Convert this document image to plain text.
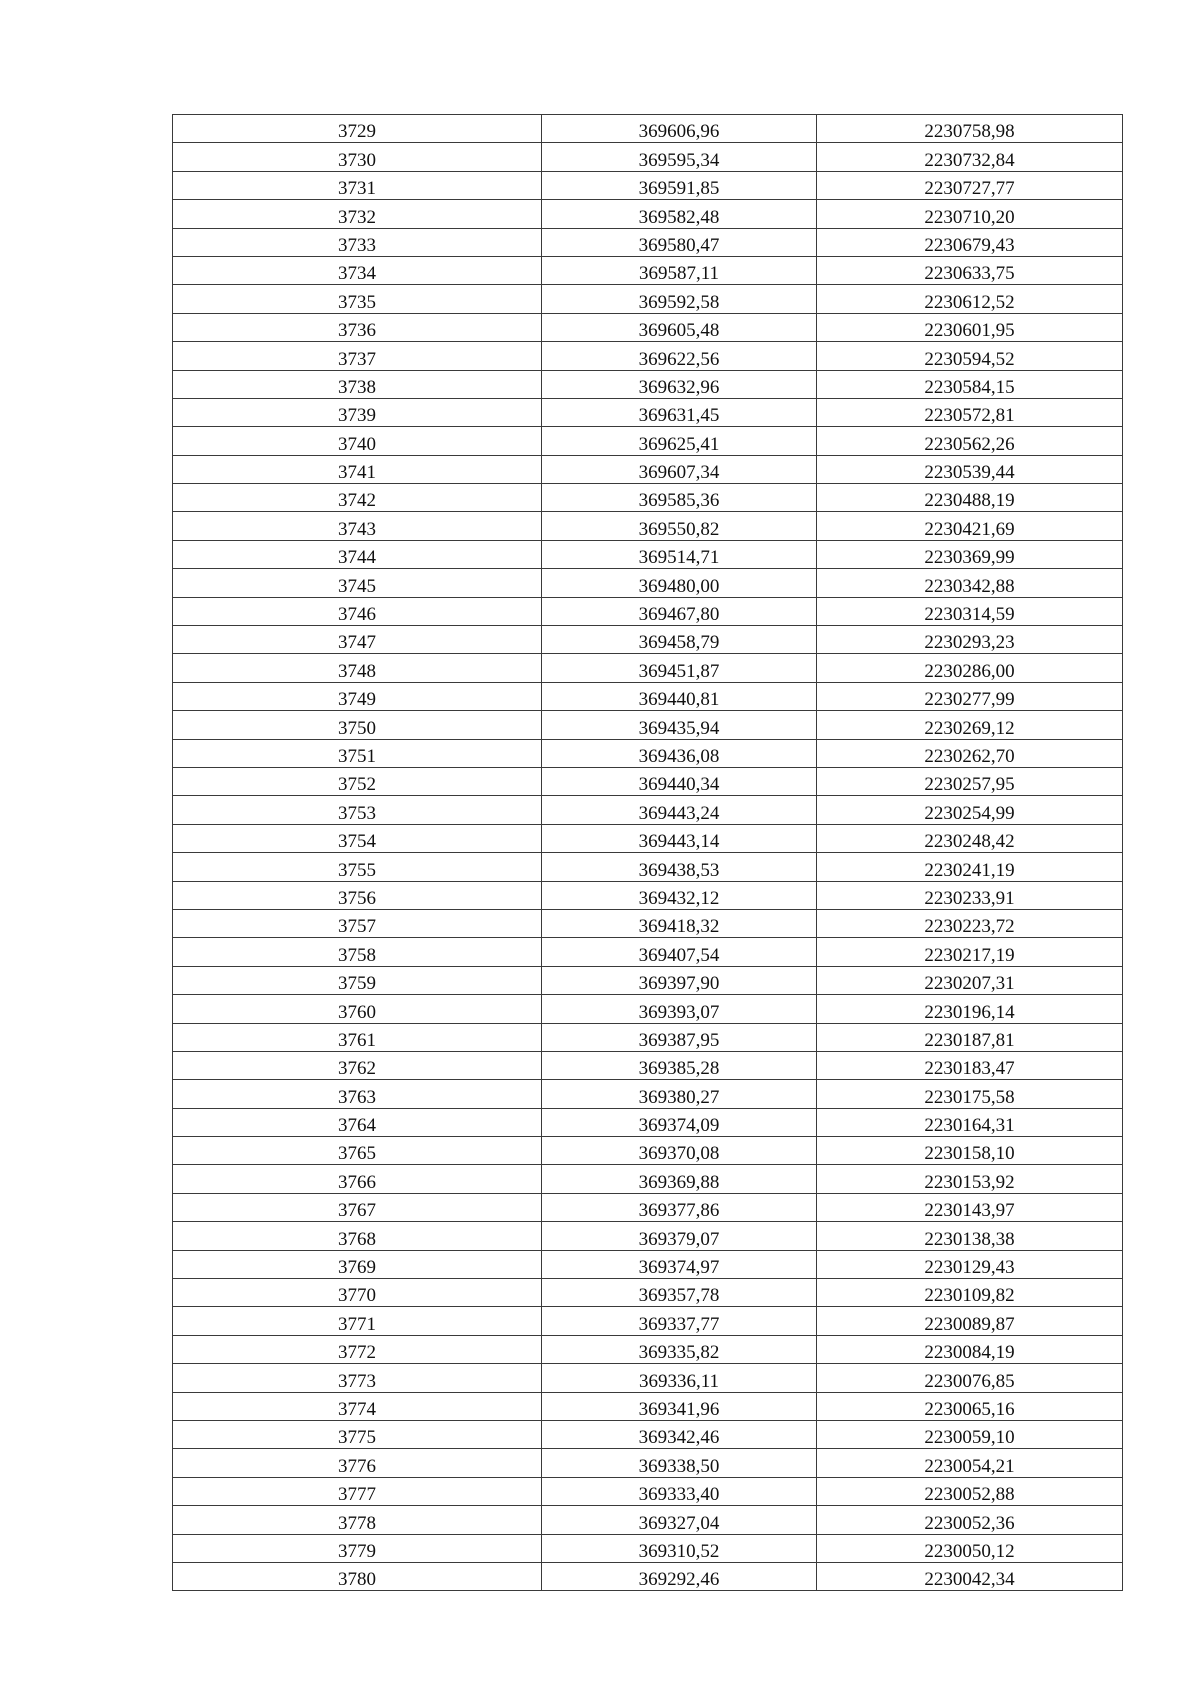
3729	369606,96	2230758,98
3730	369595,34	2230732,84
3731	369591,85	2230727,77
3732	369582,48	2230710,20
3733	369580,47	2230679,43
3734	369587,11	2230633,75
3735	369592,58	2230612,52
3736	369605,48	2230601,95
3737	369622,56	2230594,52
3738	369632,96	2230584,15
3739	369631,45	2230572,81
3740	369625,41	2230562,26
3741	369607,34	2230539,44
3742	369585,36	2230488,19
3743	369550,82	2230421,69
3744	369514,71	2230369,99
3745	369480,00	2230342,88
3746	369467,80	2230314,59
3747	369458,79	2230293,23
3748	369451,87	2230286,00
3749	369440,81	2230277,99
3750	369435,94	2230269,12
3751	369436,08	2230262,70
3752	369440,34	2230257,95
3753	369443,24	2230254,99
3754	369443,14	2230248,42
3755	369438,53	2230241,19
3756	369432,12	2230233,91
3757	369418,32	2230223,72
3758	369407,54	2230217,19
3759	369397,90	2230207,31
3760	369393,07	2230196,14
3761	369387,95	2230187,81
3762	369385,28	2230183,47
3763	369380,27	2230175,58
3764	369374,09	2230164,31
3765	369370,08	2230158,10
3766	369369,88	2230153,92
3767	369377,86	2230143,97
3768	369379,07	2230138,38
3769	369374,97	2230129,43
3770	369357,78	2230109,82
3771	369337,77	2230089,87
3772	369335,82	2230084,19
3773	369336,11	2230076,85
3774	369341,96	2230065,16
3775	369342,46	2230059,10
3776	369338,50	2230054,21
3777	369333,40	2230052,88
3778	369327,04	2230052,36
3779	369310,52	2230050,12
3780	369292,46	2230042,34
